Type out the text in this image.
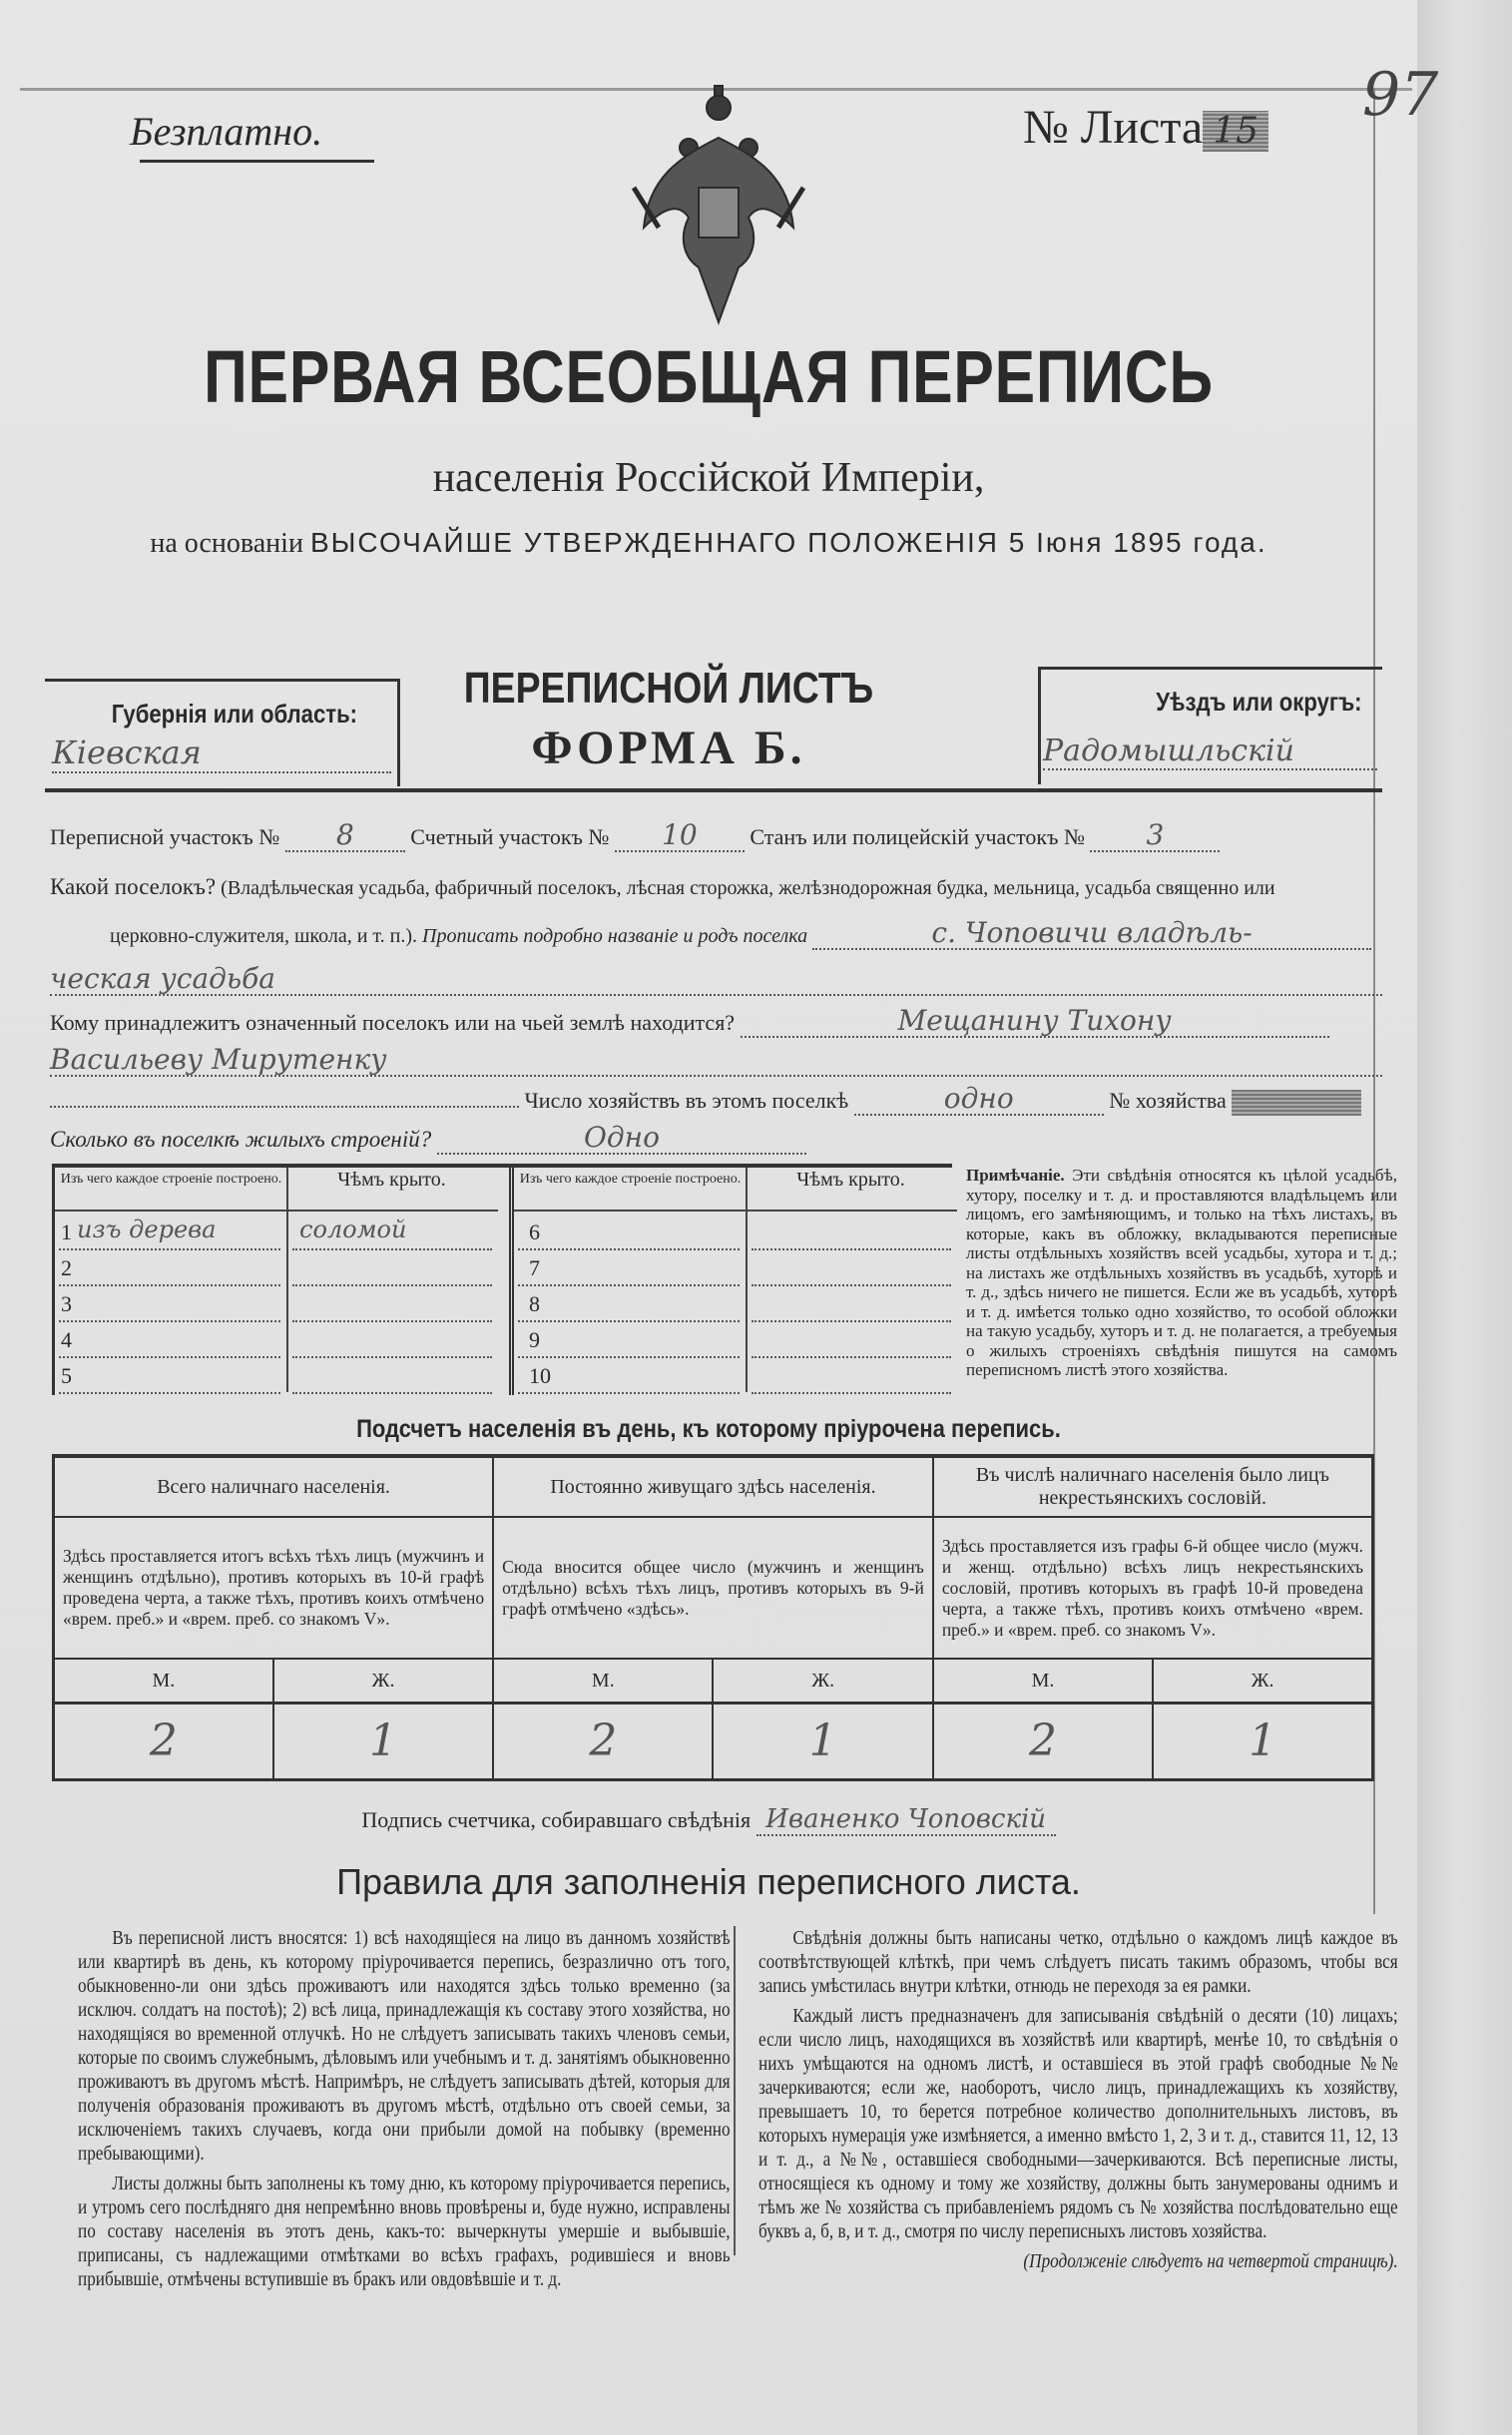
Безплатно.	№ Листа 15
97
ПЕРВАЯ ВСЕОБЩАЯ ПЕРЕПИСЬ
населенія Россійской Имперіи,
на основаніи ВЫСОЧАЙШЕ УТВЕРЖДЕННАГО ПОЛОЖЕНІЯ 5 Іюня 1895 года.
Губернія или область:
Кіевская
ПЕРЕПИСНОЙ ЛИСТЪ
ФОРМА Б.
Уѣздъ или округъ:
Радомышльскій
Переписной участокъ № 8	Счетный участокъ № 10 Станъ или полицейскій участокъ № 3
Какой поселокъ? (Владѣльческая усадьба, фабричный поселокъ, лѣсная сторожка, желѣзнодорожная будка, мельница, усадьба священно или
церковно-служителя, школа, и т. п.). Прописать подробно названіе и родъ поселка	с. Чоповичи владѣль-
ческая усадьба
Кому принадлежитъ означенный поселокъ или на чьей землѣ находится?	Мещанину Тихону
Васильеву Мирутенку
Число хозяйствъ въ этомъ поселкѣ	одно	№ хозяйства
Сколько въ поселкѣ жилыхъ строеній?	Одно
Изъ чего каждое строеніе построено.	Чѣмъ крыто.
1 изъ дерева	соломой
2
3
4
5
Изъ чего каждое строеніе построено.	Чѣмъ крыто.
6
7
8
9
10
Примѣчаніе. Эти свѣдѣнія относятся къ цѣлой усадьбѣ, хутору, поселку и т. д. и проставляются владѣльцемъ или лицомъ, его замѣняющимъ, и только на тѣхъ листахъ, въ которые, какъ въ обложку, вкладываются переписные листы отдѣльныхъ хозяйствъ всей усадьбы, хутора и т. д.; на листахъ же отдѣльныхъ хозяйствъ въ усадьбѣ, хуторѣ и т. д., здѣсь ничего не пишется. Если же въ усадьбѣ, хуторѣ и т. д. имѣется только одно хозяйство, то особой обложки на такую усадьбу, хуторъ и т. д. не полагается, а требуемыя о жилыхъ строеніяхъ свѣдѣнія пишутся на самомъ переписномъ листѣ этого хозяйства.
Подсчетъ населенія въ день, къ которому пріурочена перепись.
Всего наличнаго населенія.		Постоянно живущаго здѣсь населенія.		Въ числѣ наличнаго населенія было лицъ некрестьянскихъ сословій.	
Здѣсь проставляется итогъ всѣхъ тѣхъ лицъ (мужчинъ и женщинъ отдѣльно), противъ которыхъ въ 10-й графѣ проведена черта, а также тѣхъ, противъ коихъ отмѣчено «врем. преб.» и «врем. преб. со знакомъ V».		Сюда вносится общее число (мужчинъ и женщинъ отдѣльно) всѣхъ тѣхъ лицъ, противъ которыхъ въ 9-й графѣ отмѣчено «здѣсь».		Здѣсь проставляется изъ графы 6-й общее число (мужч. и женщ. отдѣльно) всѣхъ лицъ некрестьянскихъ сословій, противъ которыхъ въ графѣ 10-й проведена черта, а также тѣхъ, противъ коихъ отмѣчено «врем. преб.» и «врем. преб. со знакомъ V».	
М.	Ж.	М.	Ж.	М.	Ж.
2	1	2	1	2	1
Подпись счетчика, собиравшаго свѣдѣнія Иваненко Чоповскій
Правила для заполненія переписного листа.

Въ переписной листъ вносятся: 1) всѣ находящіеся на лицо въ данномъ хозяйствѣ или квартирѣ въ день, къ которому пріурочивается перепись, безразлично отъ того, обыкновенно-ли они здѣсь проживаютъ или находятся здѣсь только временно (за исключ. солдатъ на постоѣ); 2) всѣ лица, принадлежащія къ составу этого хозяйства, но находящіяся во временной отлучкѣ. Но не слѣдуетъ записывать такихъ членовъ семьи, которые по своимъ служебнымъ, дѣловымъ или учебнымъ и т. д. занятіямъ обыкновенно проживаютъ въ другомъ мѣстѣ. Напримѣръ, не слѣдуетъ записывать дѣтей, которыя для полученія образованія проживаютъ въ другомъ мѣстѣ, отдѣльно отъ своей семьи, за исключеніемъ такихъ случаевъ, когда они прибыли домой на побывку (временно пребывающими).

Листы должны быть заполнены къ тому дню, къ которому пріурочивается перепись, и утромъ сего послѣдняго дня непремѣнно вновь провѣрены и, буде нужно, исправлены по составу населенія въ этотъ день, какъ-то: вычеркнуты умершіе и выбывшіе, приписаны, съ надлежащими отмѣтками во всѣхъ графахъ, родившіеся и вновь прибывшіе, отмѣчены вступившіе въ бракъ или овдовѣвшіе и т. д.

Свѣдѣнія должны быть написаны четко, отдѣльно о каждомъ лицѣ каждое въ соотвѣтствующей клѣткѣ, при чемъ слѣдуетъ писать такимъ образомъ, чтобы вся запись умѣстилась внутри клѣтки, отнюдь не переходя за ея рамки.

Каждый листъ предназначенъ для записыванія свѣдѣній о десяти (10) лицахъ; если число лицъ, находящихся въ хозяйствѣ или квартирѣ, менѣе 10, то свѣдѣнія о нихъ умѣщаются на одномъ листѣ, и оставшіеся въ этой графѣ свободные №№ зачеркиваются; если же, наоборотъ, число лицъ, принадлежащихъ къ хозяйству, превышаетъ 10, то берется потребное количество дополнительныхъ листовъ, въ которыхъ нумерація уже измѣняется, а именно вмѣсто 1, 2, 3 и т. д., ставится 11, 12, 13 и т. д., а №№, оставшіеся свободными—зачеркиваются. Всѣ переписные листы, относящіеся къ одному и тому же хозяйству, должны быть занумерованы однимъ и тѣмъ же № хозяйства съ прибавленіемъ рядомъ съ № хозяйства послѣдовательно еще буквъ а, б, в, и т. д., смотря по числу переписныхъ листовъ хозяйства.

(Продолженіе слѣдуетъ на четвертой страницѣ).
